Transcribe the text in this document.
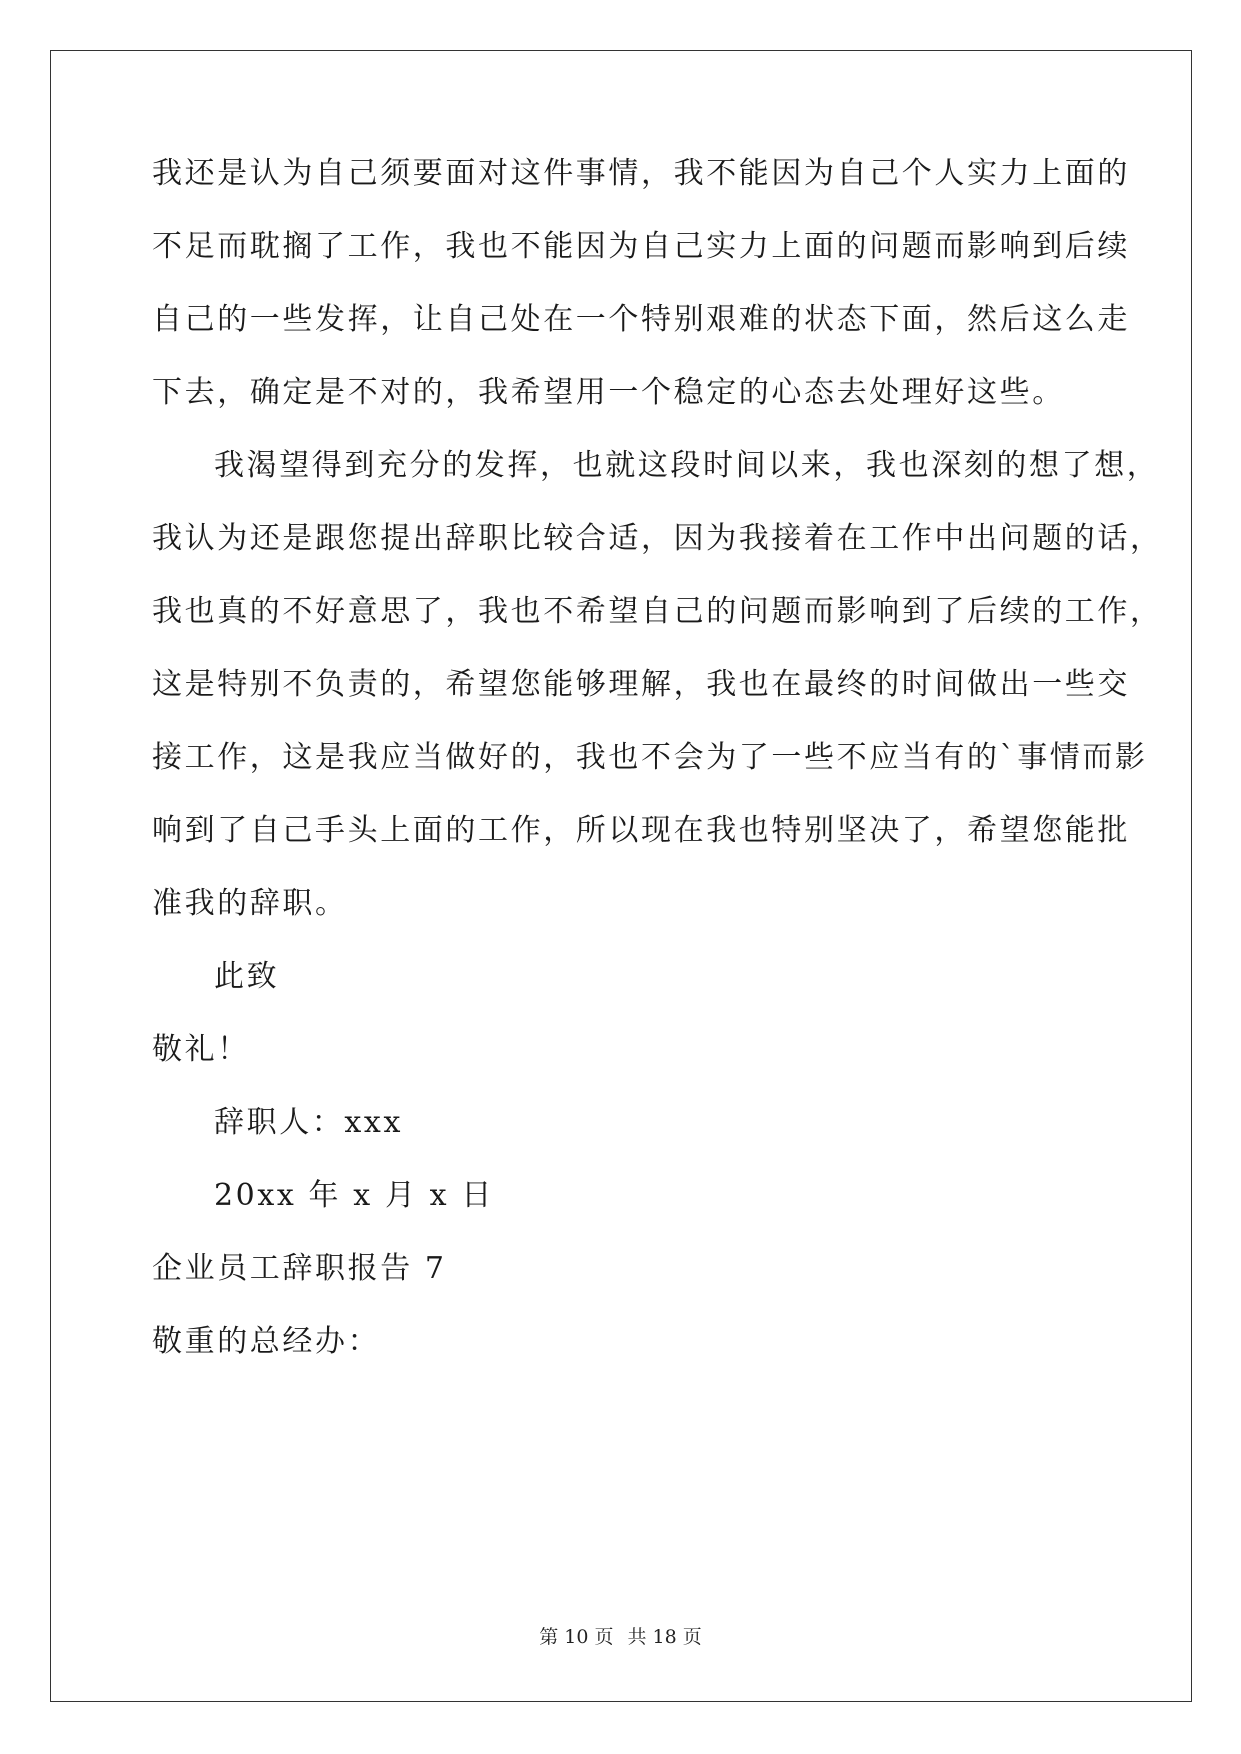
我还是认为自己须要面对这件事情，我不能因为自己个人实力上面的
不足而耽搁了工作，我也不能因为自己实力上面的问题而影响到后续
自己的一些发挥，让自己处在一个特别艰难的状态下面，然后这么走
下去，确定是不对的，我希望用一个稳定的心态去处理好这些。
我渴望得到充分的发挥，也就这段时间以来，我也深刻的想了想，
我认为还是跟您提出辞职比较合适，因为我接着在工作中出问题的话，
我也真的不好意思了，我也不希望自己的问题而影响到了后续的工作，
这是特别不负责的，希望您能够理解，我也在最终的时间做出一些交
接工作，这是我应当做好的，我也不会为了一些不应当有的`事情而影
响到了自己手头上面的工作，所以现在我也特别坚决了，希望您能批
准我的辞职。
此致
敬礼！
辞职人：xxx
20xx 年 x 月 x 日
企业员工辞职报告 7
敬重的总经办：
第 10 页 共 18 页
